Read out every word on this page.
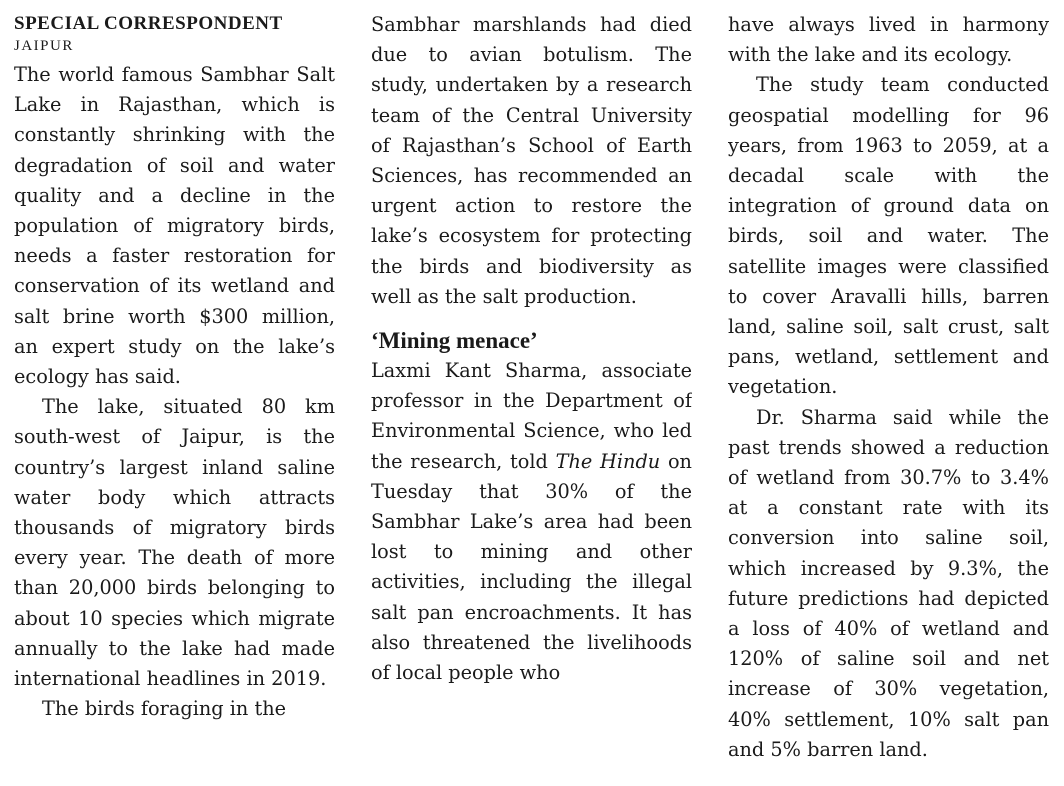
SPECIAL CORRESPONDENT
JAIPUR

The world famous Sambhar Salt Lake in Rajasthan, which is constantly shrinking with the degradation of soil and water quality and a decline in the population of migratory birds, needs a faster restoration for conservation of its wetland and salt brine worth $300 million, an expert study on the lake’s ecology has said.

The lake, situated 80 km south-west of Jaipur, is the country’s largest inland saline water body which attracts thousands of migratory birds every year. The death of more than 20,000 birds belonging to about 10 species which migrate annually to the lake had made international headlines in 2019.

The birds foraging in the

Sambhar marshlands had died due to avian botulism. The study, undertaken by a research team of the Central University of Rajasthan’s School of Earth Sciences, has recommended an urgent action to restore the lake’s ecosystem for protecting the birds and biodiversity as well as the salt production.

‘Mining menace’

Laxmi Kant Sharma, associate professor in the Department of Environmental Science, who led the research, told The Hindu on Tuesday that 30% of the Sambhar Lake’s area had been lost to mining and other activities, including the illegal salt pan encroachments. It has also threatened the livelihoods of local people who

have always lived in harmony with the lake and its ecology.

The study team conducted geospatial modelling for 96 years, from 1963 to 2059, at a decadal scale with the integration of ground data on birds, soil and water. The satellite images were classified to cover Aravalli hills, barren land, saline soil, salt crust, salt pans, wetland, settlement and vegetation.

Dr. Sharma said while the past trends showed a reduction of wetland from 30.7% to 3.4% at a constant rate with its conversion into saline soil, which increased by 9.3%, the future predictions had depicted a loss of 40% of wetland and 120% of saline soil and net increase of 30% vegetation, 40% settlement, 10% salt pan and 5% barren land.
